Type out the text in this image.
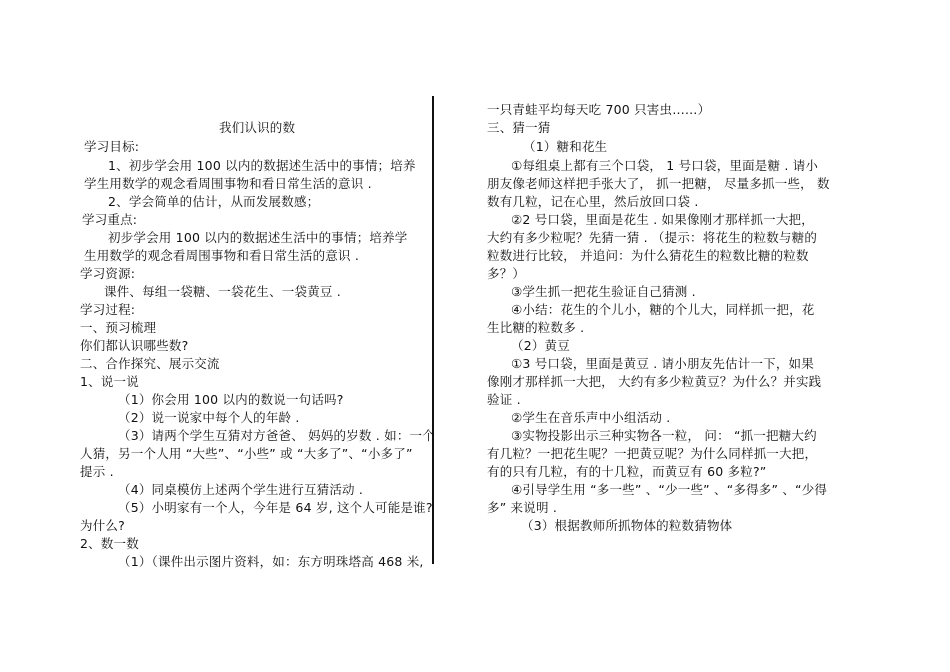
我们认识的数
学习目标:
1、初步学会用 100 以内的数据述生活中的事情；培养
学生用数学的观念看周围事物和看日常生活的意识 .
2、学会简单的估计，从而发展数感；
学习重点:
初步学会用 100 以内的数据述生活中的事情；培养学
生用数学的观念看周围事物和看日常生活的意识 .
学习资源:
课件、每组一袋糖、一袋花生、一袋黄豆 .
学习过程:
一、预习梳理
你们都认识哪些数?
二、合作探究、展示交流
1、说一说
（1）你会用 100 以内的数说一句话吗?
（2）说一说家中每个人的年龄 .
（3）请两个学生互猜对方爸爸、 妈妈的岁数 . 如：一个
人猜，另一个人用 “大些”、“小些” 或 “大多了”、“小多了”
提示 .
（4）同桌模仿上述两个学生进行互猜活动 .
（5）小明家有一个人，今年是 64 岁, 这个人可能是谁?
为什么?
2、数一数
（1）（课件出示图片资料，如：东方明珠塔高 468 米,
一只青蛙平均每天吃 700 只害虫……）
三、猜一猜
（1）糖和花生
①每组桌上都有三个口袋， 1 号口袋，里面是糖 . 请小
朋友像老师这样把手张大了， 抓一把糖， 尽量多抓一些， 数
数有几粒，记在心里，然后放回口袋 .
②2 号口袋，里面是花生 . 如果像刚才那样抓一大把，
大约有多少粒呢？先猜一猜 . （提示：将花生的粒数与糖的
粒数进行比较， 并追问：为什么猜花生的粒数比糖的粒数
多？）
③学生抓一把花生验证自己猜测 .
④小结：花生的个儿小，糖的个儿大，同样抓一把，花
生比糖的粒数多 .
（2）黄豆
①3 号口袋，里面是黄豆 . 请小朋友先估计一下，如果
像刚才那样抓一大把， 大约有多少粒黄豆？为什么？并实践
验证 .
②学生在音乐声中小组活动 .
③实物投影出示三种实物各一粒， 问： “抓一把糖大约
有几粒？一把花生呢？一把黄豆呢？为什么同样抓一大把，
有的只有几粒，有的十几粒，而黄豆有 60 多粒?”
④引导学生用 “多一些” 、“少一些” 、“多得多” 、“少得
多” 来说明 .
（3）根据教师所抓物体的粒数猜物体
